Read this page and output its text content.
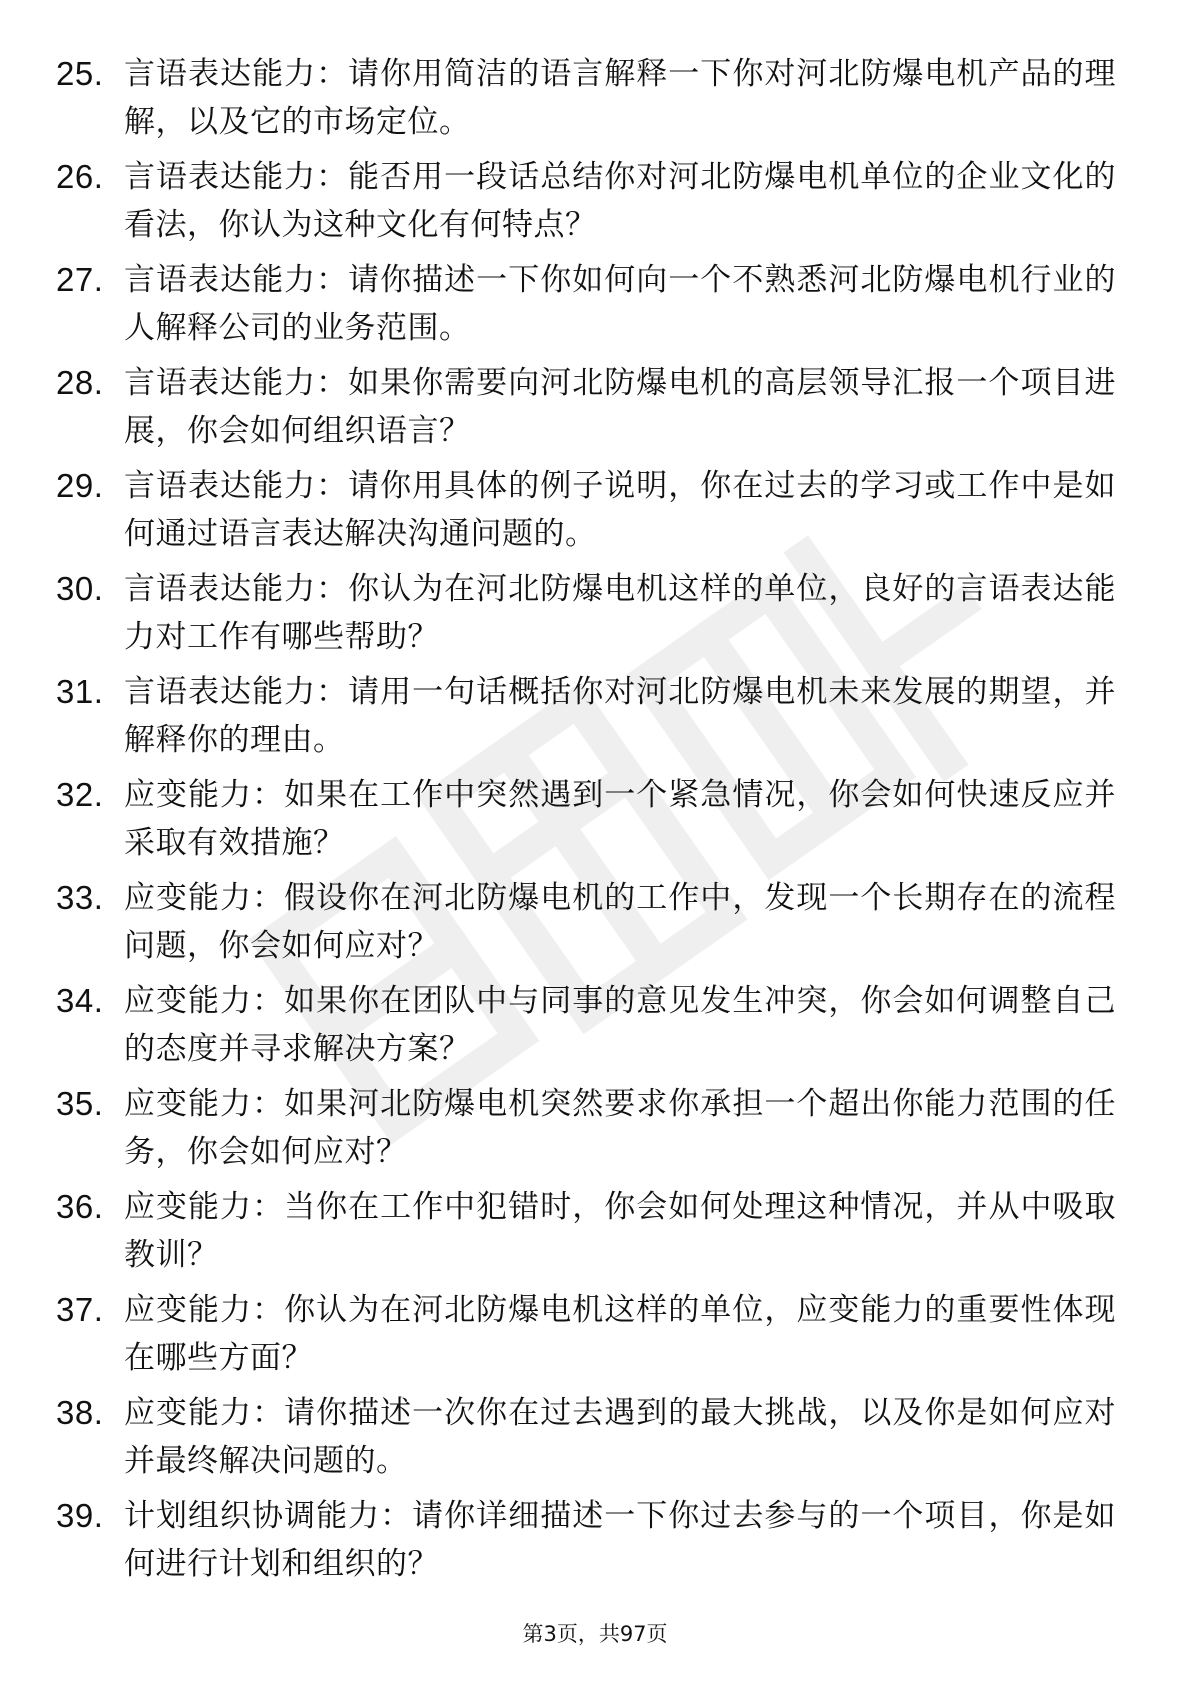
25. 言语表达能力：请你用简洁的语言解释一下你对河北防爆电机产品的理解，以及它的市场定位。
26. 言语表达能力：能否用一段话总结你对河北防爆电机单位的企业文化的看法，你认为这种文化有何特点？
27. 言语表达能力：请你描述一下你如何向一个不熟悉河北防爆电机行业的人解释公司的业务范围。
28. 言语表达能力：如果你需要向河北防爆电机的高层领导汇报一个项目进展，你会如何组织语言？
29. 言语表达能力：请你用具体的例子说明，你在过去的学习或工作中是如何通过语言表达解决沟通问题的。
30. 言语表达能力：你认为在河北防爆电机这样的单位，良好的言语表达能力对工作有哪些帮助？
31. 言语表达能力：请用一句话概括你对河北防爆电机未来发展的期望，并解释你的理由。
32. 应变能力：如果在工作中突然遇到一个紧急情况，你会如何快速反应并采取有效措施？
33. 应变能力：假设你在河北防爆电机的工作中，发现一个长期存在的流程问题，你会如何应对？
34. 应变能力：如果你在团队中与同事的意见发生冲突，你会如何调整自己的态度并寻求解决方案？
35. 应变能力：如果河北防爆电机突然要求你承担一个超出你能力范围的任务，你会如何应对？
36. 应变能力：当你在工作中犯错时，你会如何处理这种情况，并从中吸取教训？
37. 应变能力：你认为在河北防爆电机这样的单位，应变能力的重要性体现在哪些方面？
38. 应变能力：请你描述一次你在过去遇到的最大挑战，以及你是如何应对并最终解决问题的。
39. 计划组织协调能力：请你详细描述一下你过去参与的一个项目，你是如何进行计划和组织的？
第3页，共97页
